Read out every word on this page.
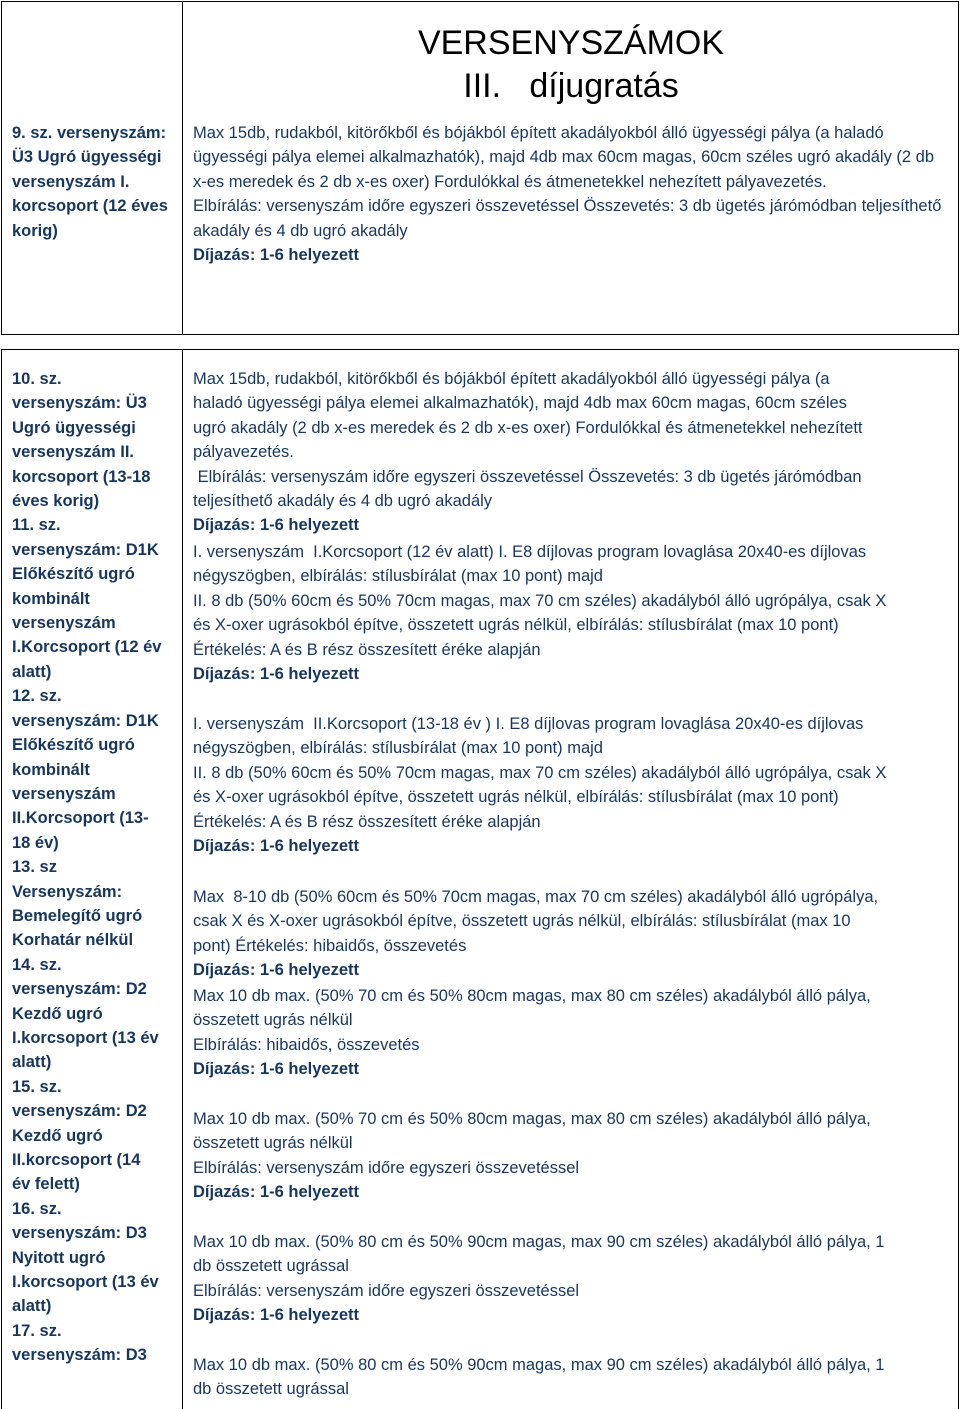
VERSENYSZÁMOK
III.   díjugratás
9. sz. versenyszám: Ü3 Ugró ügyességi versenyszám I. korcsoport (12 éves korig)

Max 15db, rudakból, kitörőkből és bójákból épített akadályokból álló ügyességi pálya (a haladó ügyességi pálya elemei alkalmazhatók), majd 4db max 60cm magas, 60cm széles ugró akadály (2 db x-es meredek és 2 db x-es oxer) Fordulókkal és átmenetekkel nehezített pályavezetés.

Elbírálás: versenyszám időre egyszeri összevetéssel Összevetés: 3 db ügetés járómódban teljesíthető akadály és 4 db ugró akadály

Díjazás: 1-6 helyezett

10. sz.
versenyszám: Ü3
Ugró ügyességi
versenyszám II.
korcsoport (13-18
éves korig)
11. sz.
versenyszám: D1K
Előkészítő ugró
kombinált
versenyszám
I.Korcsoport (12 év
alatt)
12. sz.
versenyszám: D1K
Előkészítő ugró
kombinált
versenyszám
II.Korcsoport (13-
18 év)
13. sz
Versenyszám:
Bemelegítő ugró
Korhatár nélkül
14. sz.
versenyszám: D2
Kezdő ugró
I.korcsoport (13 év
alatt)
15. sz.
versenyszám: D2
Kezdő ugró
II.korcsoport (14
év felett)
16. sz.
versenyszám: D3
Nyitott ugró
I.korcsoport (13 év
alatt)
17. sz.
versenyszám: D3

Max 15db, rudakból, kitörőkből és bójákból épített akadályokból álló ügyességi pálya (a

haladó ügyességi pálya elemei alkalmazhatók), majd 4db max 60cm magas, 60cm széles

ugró akadály (2 db x-es meredek és 2 db x-es oxer) Fordulókkal és átmenetekkel nehezített

pályavezetés.

Elbírálás: versenyszám időre egyszeri összevetéssel Összevetés: 3 db ügetés járómódban

teljesíthető akadály és 4 db ugró akadály

Díjazás: 1-6 helyezett

I. versenyszám  I.Korcsoport (12 év alatt) I. E8 díjlovas program lovaglása 20x40-es díjlovas

négyszögben, elbírálás: stílusbírálat (max 10 pont) majd

II. 8 db (50% 60cm és 50% 70cm magas, max 70 cm széles) akadályból álló ugrópálya, csak X

és X-oxer ugrásokból építve, összetett ugrás nélkül, elbírálás: stílusbírálat (max 10 pont)

Értékelés: A és B rész összesített éréke alapján

Díjazás: 1-6 helyezett

I. versenyszám  II.Korcsoport (13-18 év ) I. E8 díjlovas program lovaglása 20x40-es díjlovas

négyszögben, elbírálás: stílusbírálat (max 10 pont) majd

II. 8 db (50% 60cm és 50% 70cm magas, max 70 cm széles) akadályból álló ugrópálya, csak X

és X-oxer ugrásokból építve, összetett ugrás nélkül, elbírálás: stílusbírálat (max 10 pont)

Értékelés: A és B rész összesített éréke alapján

Díjazás: 1-6 helyezett

Max  8-10 db (50% 60cm és 50% 70cm magas, max 70 cm széles) akadályból álló ugrópálya,

csak X és X-oxer ugrásokból építve, összetett ugrás nélkül, elbírálás: stílusbírálat (max 10

pont) Értékelés: hibaidős, összevetés

Díjazás: 1-6 helyezett

Max 10 db max. (50% 70 cm és 50% 80cm magas, max 80 cm széles) akadályból álló pálya,

összetett ugrás nélkül

Elbírálás: hibaidős, összevetés

Díjazás: 1-6 helyezett

Max 10 db max. (50% 70 cm és 50% 80cm magas, max 80 cm széles) akadályból álló pálya,

összetett ugrás nélkül

Elbírálás: versenyszám időre egyszeri összevetéssel

Díjazás: 1-6 helyezett

Max 10 db max. (50% 80 cm és 50% 90cm magas, max 90 cm széles) akadályból álló pálya, 1

db összetett ugrással

Elbírálás: versenyszám időre egyszeri összevetéssel

Díjazás: 1-6 helyezett

Max 10 db max. (50% 80 cm és 50% 90cm magas, max 90 cm széles) akadályból álló pálya, 1

db összetett ugrással
